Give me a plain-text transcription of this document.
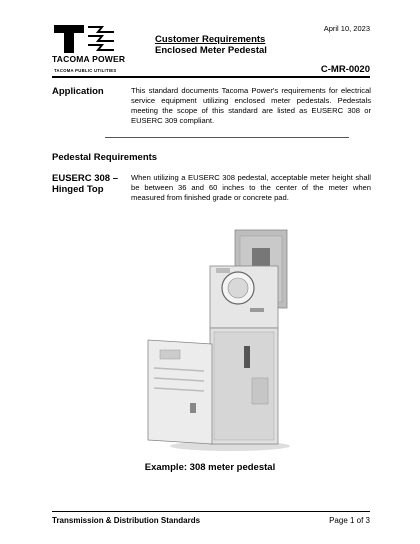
April 10, 2023
TACOMA POWER
TACOMA PUBLIC UTILITIES
Customer Requirements
Enclosed Meter Pedestal
C-MR-0020
Application	This standard documents Tacoma Power's requirements for electrical service equipment utilizing enclosed meter pedestals. Pedestals meeting the scope of this standard are listed as EUSERC 308 or EUSERC 309 compliant.
Pedestal Requirements
EUSERC 308 –
Hinged Top
When utilizing a EUSERC 308 pedestal, acceptable meter height shall be between 36 and 60 inches to the center of the meter when measured from finished grade or concrete pad.
Example: 308 meter pedestal
Transmission & Distribution Standards	Page 1 of 3
